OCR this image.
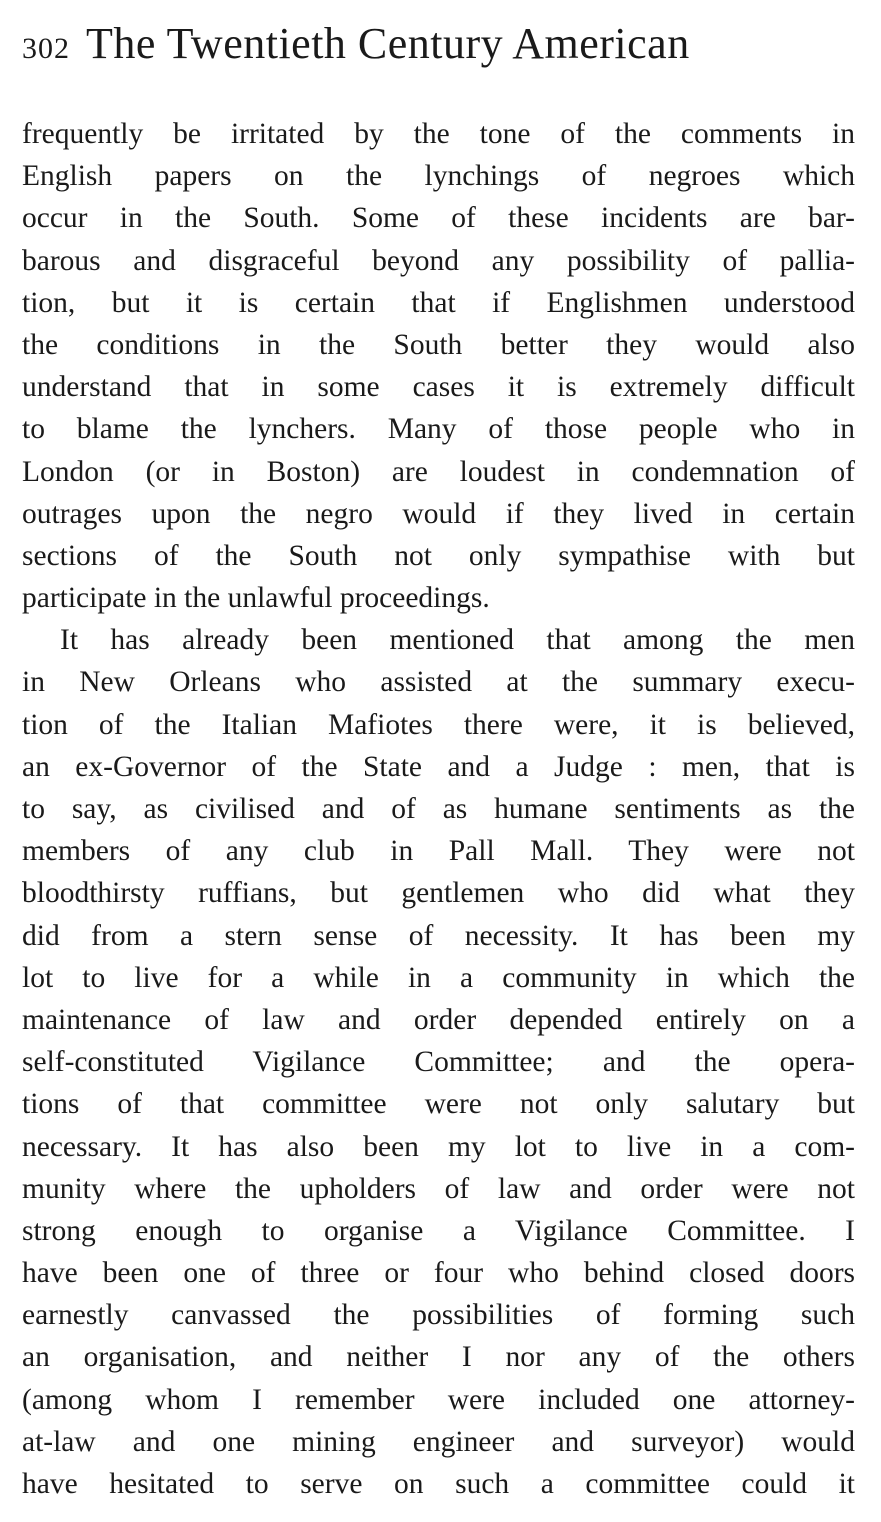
302 The Twentieth Century American
frequently be irritated by the tone of the comments in
English papers on the lynchings of negroes which
occur in the South. Some of these incidents are bar-
barous and disgraceful beyond any possibility of pallia-
tion, but it is certain that if Englishmen understood
the conditions in the South better they would also
understand that in some cases it is extremely difficult
to blame the lynchers. Many of those people who in
London (or in Boston) are loudest in condemnation of
outrages upon the negro would if they lived in certain
sections of the South not only sympathise with but
participate in the unlawful proceedings.
It has already been mentioned that among the men
in New Orleans who assisted at the summary execu-
tion of the Italian Mafiotes there were, it is believed,
an ex-Governor of the State and a Judge : men, that is
to say, as civilised and of as humane sentiments as the
members of any club in Pall Mall. They were not
bloodthirsty ruffians, but gentlemen who did what they
did from a stern sense of necessity. It has been my
lot to live for a while in a community in which the
maintenance of law and order depended entirely on a
self-constituted Vigilance Committee; and the opera-
tions of that committee were not only salutary but
necessary. It has also been my lot to live in a com-
munity where the upholders of law and order were not
strong enough to organise a Vigilance Committee. I
have been one of three or four who behind closed doors
earnestly canvassed the possibilities of forming such
an organisation, and neither I nor any of the others
(among whom I remember were included one attorney-
at-law and one mining engineer and surveyor) would
have hesitated to serve on such a committee could it
